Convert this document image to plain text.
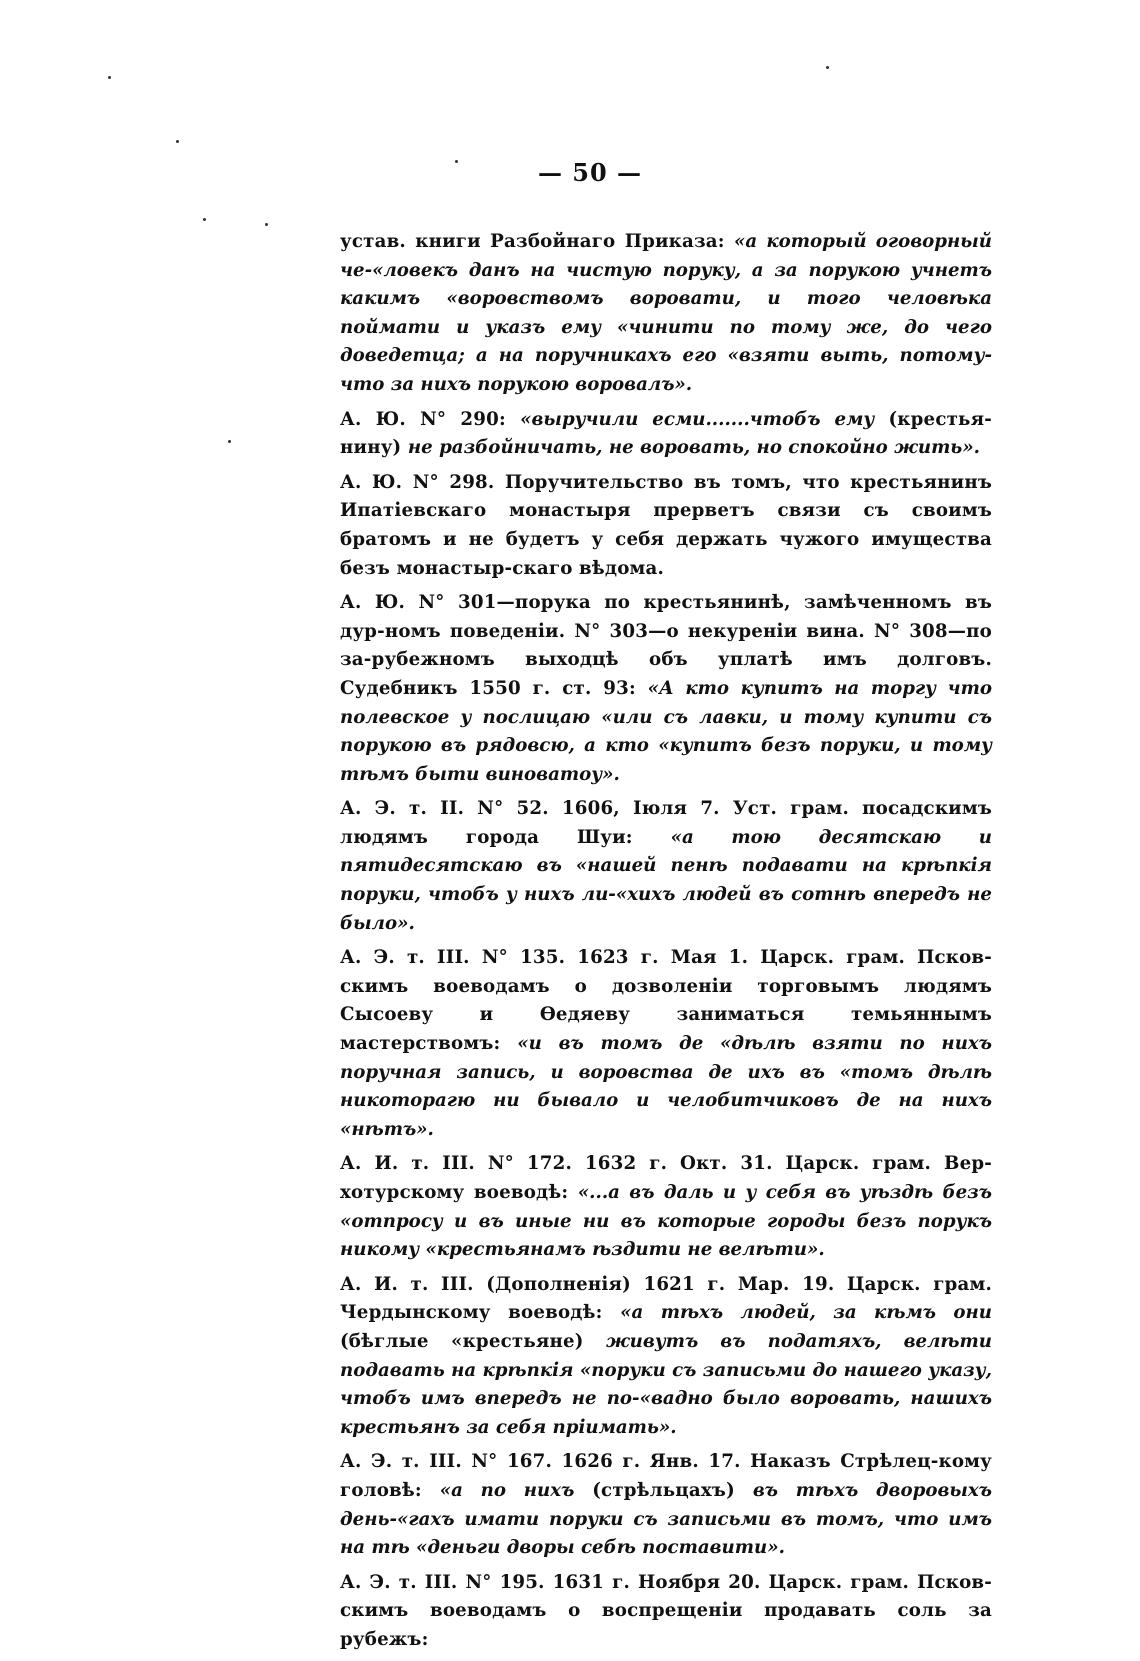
— 50 —

устав. книги Разбойнаго Приказа: «а который оговорный че-«ловекъ данъ на чистую поруку, а за порукою учнетъ какимъ «воровствомъ воровати, и того человѣка поймати и указъ ему «чинити по тому же, до чего доведетца; а на поручникахъ его «взяти выть, потому-что за нихъ порукою воровалъ».

А. Ю. N° 290: «выручили есми.......чтобъ ему (крестья-нину) не разбойничать, не воровать, но спокойно жить».

А. Ю. N° 298. Поручительство въ томъ, что крестьянинъ Ипатіевскаго монастыря прерветъ связи съ своимъ братомъ и не будетъ у себя держать чужого имущества безъ монастыр-скаго вѣдома.

А. Ю. N° 301—порука по крестьянинѣ, замѣченномъ въ дур-номъ поведеніи. N° 303—о некуреніи вина. N° 308—по за-рубежномъ выходцѣ объ уплатѣ имъ долговъ. Судебникъ 1550 г. ст. 93: «А кто купитъ на торгу что полевское у послицаю «или съ лавки, и тому купити съ порукою въ рядовсю, а кто «купитъ безъ поруки, и тому тѣмъ быти виноватоу».

А. Э. т. II. N° 52. 1606, Іюля 7. Уст. грам. посадскимъ людямъ города Шуи: «а тою десятскаю и пятидесятскаю въ «нашей пенѣ подавати на крѣпкія поруки, чтобъ у нихъ ли-«хихъ людей въ сотнѣ впередъ не было».

А. Э. т. III. N° 135. 1623 г. Мая 1. Царск. грам. Псков-скимъ воеводамъ о дозволеніи торговымъ людямъ Сысоеву и Ѳедяеву заниматься темьяннымъ мастерствомъ: «и въ томъ де «дѣлѣ взяти по нихъ поручная запись, и воровства де ихъ въ «томъ дѣлѣ никоторагю ни бывало и челобитчиковъ де на нихъ «нѣтъ».

А. И. т. III. N° 172. 1632 г. Окт. 31. Царск. грам. Вер-хотурскому воеводѣ: «...а въ даль и у себя въ уѣздѣ безъ «отпросу и въ иные ни въ которые городы безъ порукъ никому «крестьянамъ ѣздити не велѣти».

А. И. т. III. (Дополненія) 1621 г. Мар. 19. Царск. грам. Чердынскому воеводѣ: «а тѣхъ людей, за кѣмъ они (бѣглые «крестьяне) живутъ въ податяхъ, велѣти подавать на крѣпкія «поруки съ записьми до нашего указу, чтобъ имъ впередъ не по-«вадно было воровать, нашихъ крестьянъ за себя пріимать».

А. Э. т. III. N° 167. 1626 г. Янв. 17. Наказъ Стрѣлец-кому головѣ: «а по нихъ (стрѣльцахъ) въ тѣхъ дворовыхъ день-«гахъ имати поруки съ записьми въ томъ, что имъ на тѣ «деньги дворы себѣ поставити».

А. Э. т. III. N° 195. 1631 г. Ноября 20. Царск. грам. Псков-скимъ воеводамъ о воспрещеніи продавать соль за рубежъ:
